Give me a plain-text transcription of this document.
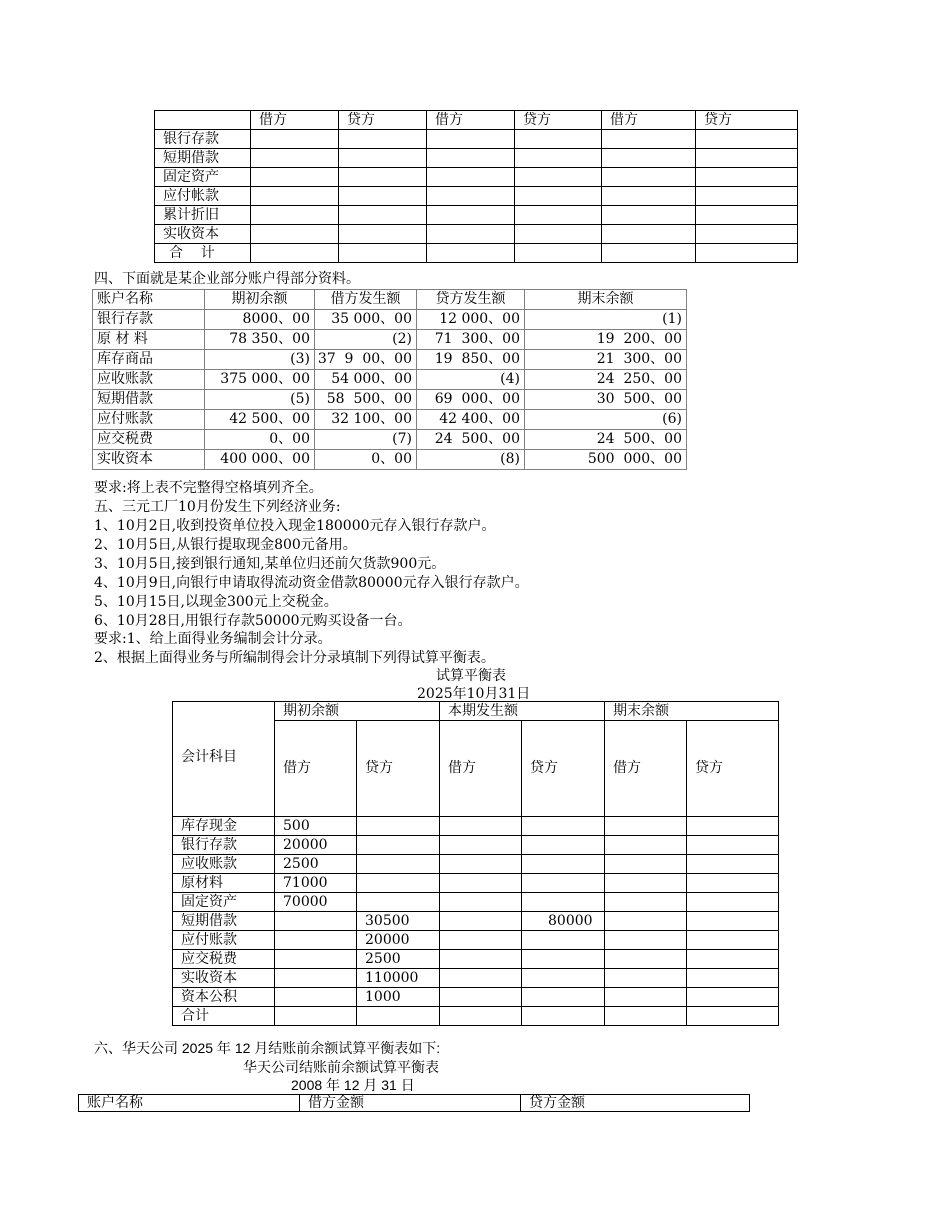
	借方	贷方	借方	贷方	借方	贷方
银行存款						
短期借款						
固定资产						
应付帐款						
累计折旧						
实收资本						
合    计						
四、下面就是某企业部分账户得部分资料。
账户名称	期初余额	借方发生额	贷方发生额	期末余额
银行存款	8000、00	35 000、00	12 000、00	(1)
原 材 料	78 350、00	(2)	71  300、00	19  200、00
库存商品	(3)	37  9  00、00	19  850、00	21  300、00
应收账款	375 000、00	54 000、00	(4)	24  250、00
短期借款	(5)	58  500、00	69  000、00	30  500、00
应付账款	42 500、00	32 100、00	42 400、00	(6)
应交税费	0、00	(7)	24  500、00	24  500、00
实收资本	400 000、00	0、00	(8)	500  000、00
要求:将上表不完整得空格填列齐全。
五、三元工厂10月份发生下列经济业务:
1、10月2日,收到投资单位投入现金180000元存入银行存款户。
2、10月5日,从银行提取现金800元备用。
3、10月5日,接到银行通知,某单位归还前欠货款900元。
4、10月9日,向银行申请取得流动资金借款80000元存入银行存款户。
5、10月15日,以现金300元上交税金。
6、10月28日,用银行存款50000元购买设备一台。
要求:1、给上面得业务编制会计分录。
2、根据上面得业务与所编制得会计分录填制下列得试算平衡表。
试算平衡表
2025年10月31日
会计科目	期初余额		本期发生额		期末余额	
	借方	贷方	借方	贷方	借方	贷方
库存现金	500					
银行存款	20000					
应收账款	2500					
原材料	71000					
固定资产	70000					
短期借款		30500		80000		
应付账款		20000				
应交税费		2500				
实收资本		110000				
资本公积		1000				
合计						
六、华天公司 2025 年 12 月结账前余额试算平衡表如下:
华天公司结账前余额试算平衡表
2008 年 12 月 31 日
账户名称	借方金额	贷方金额
